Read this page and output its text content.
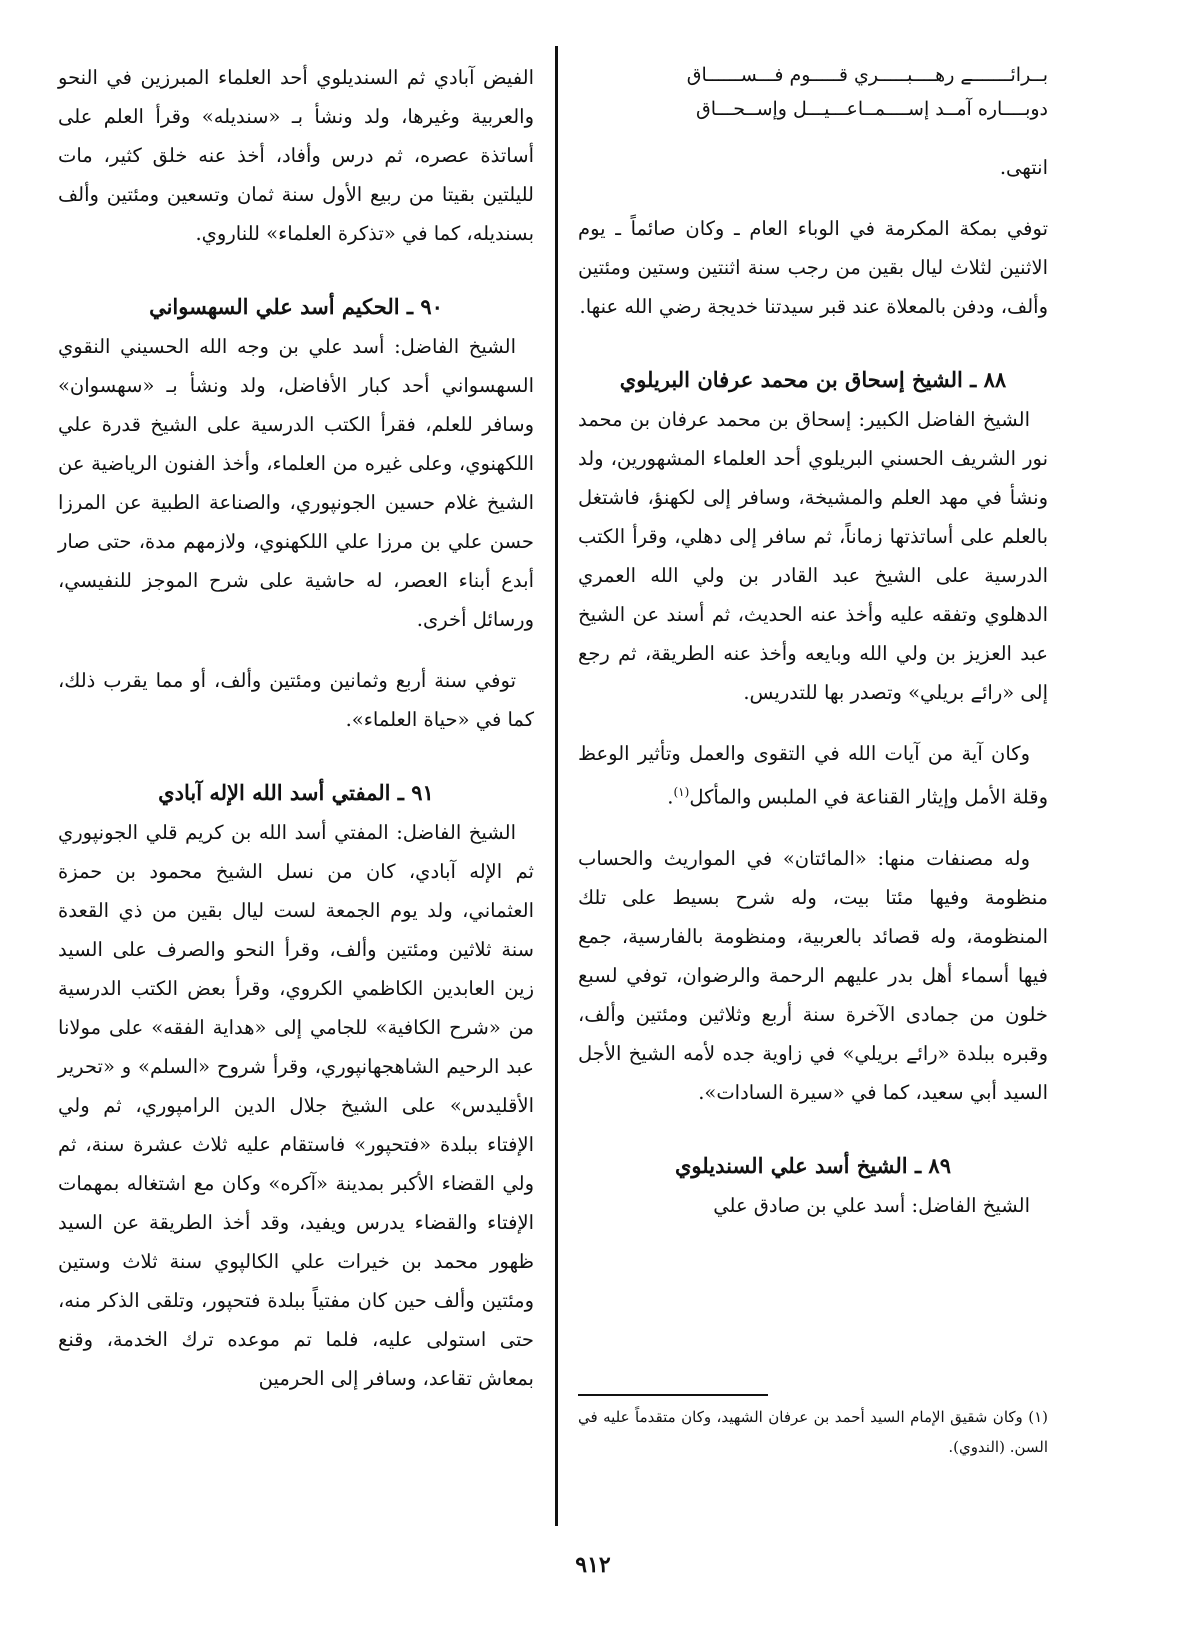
بــرائـــــــے رهــــبـــــري قـــــوم فـــســــــاق

دوبــــاره آمــد إســــمــاعـــيـــل وإســحـــاق

انتهى.

توفي بمكة المكرمة في الوباء العام ـ وكان صائماً ـ يوم الاثنين لثلاث ليال بقين من رجب سنة اثنتين وستين ومئتين وألف، ودفن بالمعلاة عند قبر سيدتنا خديجة رضي الله عنها.

٨٨ ـ الشيخ إسحاق بن محمد عرفان البريلوي

الشيخ الفاضل الكبير: إسحاق بن محمد عرفان بن محمد نور الشريف الحسني البريلوي أحد العلماء المشهورين، ولد ونشأ في مهد العلم والمشيخة، وسافر إلى لكهنؤ، فاشتغل بالعلم على أساتذتها زماناً، ثم سافر إلى دهلي، وقرأ الكتب الدرسية على الشيخ عبد القادر بن ولي الله العمري الدهلوي وتفقه عليه وأخذ عنه الحديث، ثم أسند عن الشيخ عبد العزيز بن ولي الله وبايعه وأخذ عنه الطريقة، ثم رجع إلى «رائے بريلي» وتصدر بها للتدريس.

وكان آية من آيات الله في التقوى والعمل وتأثير الوعظ وقلة الأمل وإيثار القناعة في الملبس والمأكل$^{(١)}$.

وله مصنفات منها: «المائتان» في المواريث والحساب منظومة وفيها مئتا بيت، وله شرح بسيط على تلك المنظومة، وله قصائد بالعربية، ومنظومة بالفارسية، جمع فيها أسماء أهل بدر عليهم الرحمة والرضوان، توفي لسبع خلون من جمادى الآخرة سنة أربع وثلاثين ومئتين وألف، وقبره ببلدة «رائے بريلي» في زاوية جده لأمه الشيخ الأجل السيد أبي سعيد، كما في «سيرة السادات».

٨٩ ـ الشيخ أسد علي السنديلوي

الشيخ الفاضل: أسد علي بن صادق علي

(١) وكان شقيق الإمام السيد أحمد بن عرفان الشهيد، وكان متقدماً عليه في السن. (الندوي).

الفيض آبادي ثم السنديلوي أحد العلماء المبرزين في النحو والعربية وغيرها، ولد ونشأ بـ «سنديله» وقرأ العلم على أساتذة عصره، ثم درس وأفاد، أخذ عنه خلق كثير، مات لليلتين بقيتا من ربيع الأول سنة ثمان وتسعين ومئتين وألف بسنديله، كما في «تذكرة العلماء» للناروي.

٩٠ ـ الحكيم أسد علي السهسواني

الشيخ الفاضل: أسد علي بن وجه الله الحسيني النقوي السهسواني أحد كبار الأفاضل، ولد ونشأ بـ «سهسوان» وسافر للعلم، فقرأ الكتب الدرسية على الشيخ قدرة علي اللكهنوي، وعلى غيره من العلماء، وأخذ الفنون الرياضية عن الشيخ غلام حسين الجونپوري، والصناعة الطبية عن المرزا حسن علي بن مرزا علي اللكهنوي، ولازمهم مدة، حتى صار أبدع أبناء العصر، له حاشية على شرح الموجز للنفيسي، ورسائل أخرى.

توفي سنة أربع وثمانين ومئتين وألف، أو مما يقرب ذلك، كما في «حياة العلماء».

٩١ ـ المفتي أسد الله الإله آبادي

الشيخ الفاضل: المفتي أسد الله بن كريم قلي الجونپوري ثم الإله آبادي، كان من نسل الشيخ محمود بن حمزة العثماني، ولد يوم الجمعة لست ليال بقين من ذي القعدة سنة ثلاثين ومئتين وألف، وقرأ النحو والصرف على السيد زين العابدين الكاظمي الكروي، وقرأ بعض الكتب الدرسية من «شرح الكافية» للجامي إلى «هداية الفقه» على مولانا عبد الرحيم الشاهجهانپوري، وقرأ شروح «السلم» و «تحرير الأقليدس» على الشيخ جلال الدين الرامپوري، ثم ولي الإفتاء ببلدة «فتحپور» فاستقام عليه ثلاث عشرة سنة، ثم ولي القضاء الأكبر بمدينة «آكره» وكان مع اشتغاله بمهمات الإفتاء والقضاء يدرس ويفيد، وقد أخذ الطريقة عن السيد ظهور محمد بن خيرات علي الكالپوي سنة ثلاث وستين ومئتين وألف حين كان مفتياً ببلدة فتحپور، وتلقى الذكر منه، حتى استولى عليه، فلما تم موعده ترك الخدمة، وقنع بمعاش تقاعد، وسافر إلى الحرمين

٩١٢
